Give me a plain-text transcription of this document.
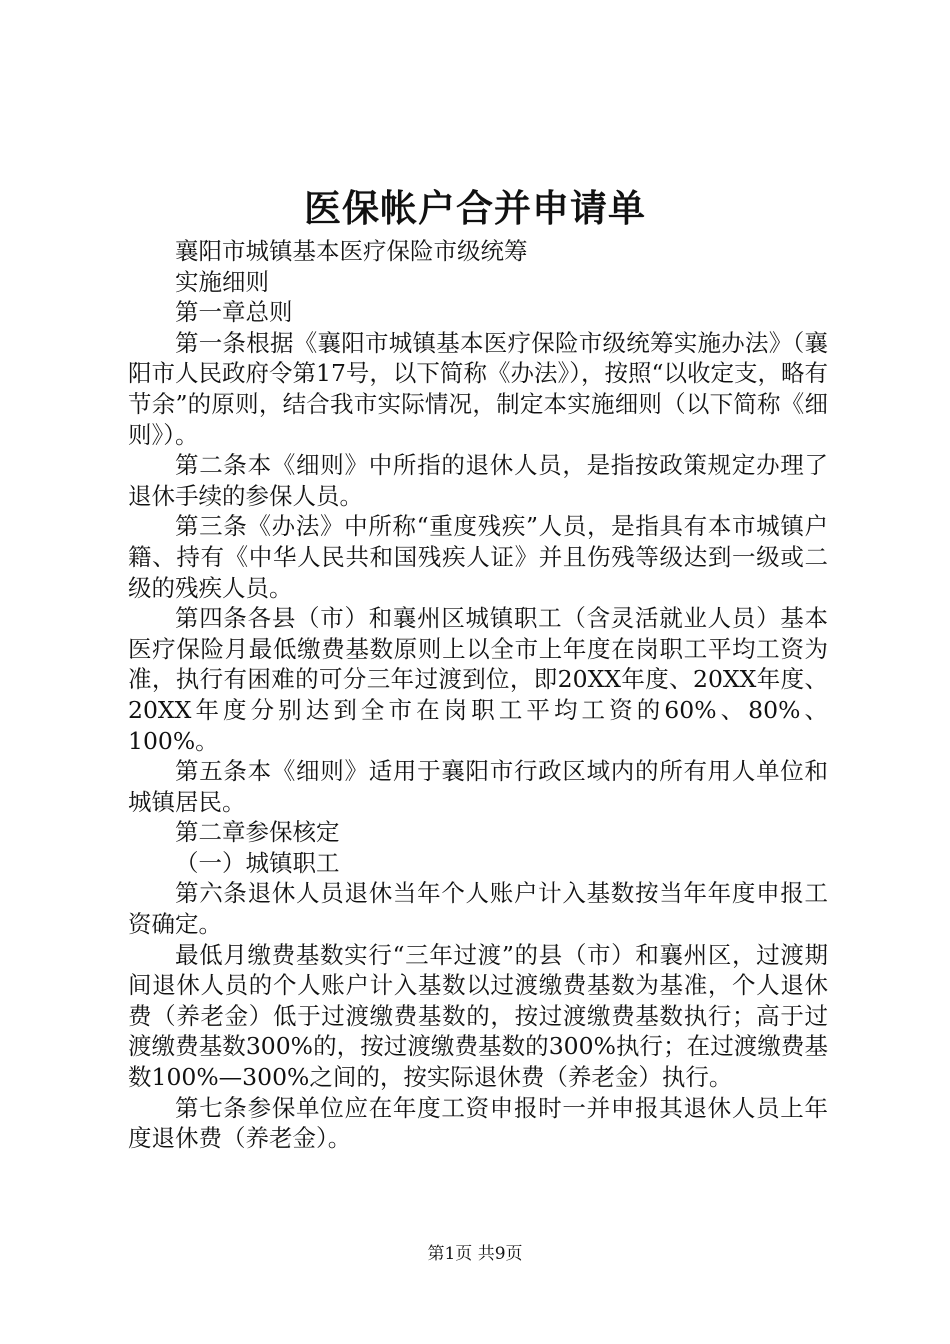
医保帐户合并申请单

襄阳市城镇基本医疗保险市级统筹

实施细则

第一章总则

第一条根据《襄阳市城镇基本医疗保险市级统筹实施办法》（襄阳市人民政府令第17号，以下简称《办法》），按照“以收定支，略有节余”的原则，结合我市实际情况，制定本实施细则（以下简称《细则》）。

第二条本《细则》中所指的退休人员，是指按政策规定办理了退休手续的参保人员。

第三条《办法》中所称“重度残疾”人员，是指具有本市城镇户籍、持有《中华人民共和国残疾人证》并且伤残等级达到一级或二级的残疾人员。

第四条各县（市）和襄州区城镇职工（含灵活就业人员）基本医疗保险月最低缴费基数原则上以全市上年度在岗职工平均工资为准，执行有困难的可分三年过渡到位，即20XX年度、20XX年度、20XX年度分别达到全市在岗职工平均工资的60%、80%、100%。

第五条本《细则》适用于襄阳市行政区域内的所有用人单位和城镇居民。

第二章参保核定

（一）城镇职工

第六条退休人员退休当年个人账户计入基数按当年年度申报工资确定。

最低月缴费基数实行“三年过渡”的县（市）和襄州区，过渡期间退休人员的个人账户计入基数以过渡缴费基数为基准，个人退休费（养老金）低于过渡缴费基数的，按过渡缴费基数执行；高于过渡缴费基数300%的，按过渡缴费基数的300%执行；在过渡缴费基数100%—300%之间的，按实际退休费（养老金）执行。

第七条参保单位应在年度工资申报时一并申报其退休人员上年度退休费（养老金）。

第1页 共9页
